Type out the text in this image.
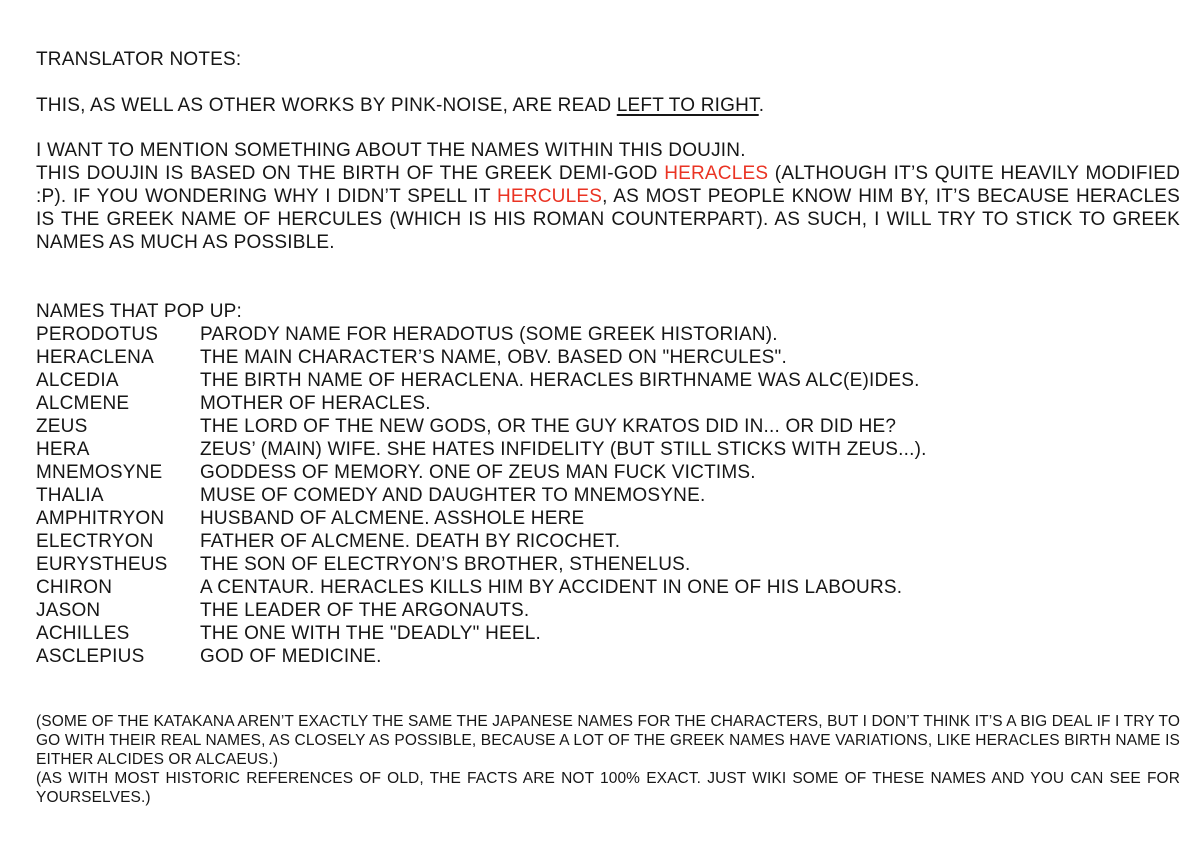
TRANSLATOR NOTES:
THIS, AS WELL AS OTHER WORKS BY PINK-NOISE, ARE READ LEFT TO RIGHT.

I WANT TO MENTION SOMETHING ABOUT THE NAMES WITHIN THIS DOUJIN.

THIS DOUJIN IS BASED ON THE BIRTH OF THE GREEK DEMI-GOD HERACLES (ALTHOUGH IT’S QUITE HEAVILY MODIFIED :P). IF YOU WONDERING WHY I DIDN’T SPELL IT HERCULES, AS MOST PEOPLE KNOW HIM BY, IT’S BECAUSE HERACLES IS THE GREEK NAME OF HERCULES (WHICH IS HIS ROMAN COUNTERPART). AS SUCH, I WILL TRY TO STICK TO GREEK NAMES AS MUCH AS POSSIBLE.

NAMES THAT POP UP:

PERODOTUS	PARODY NAME FOR HERADOTUS (SOME GREEK HISTORIAN).
HERACLENA	THE MAIN CHARACTER’S NAME, OBV. BASED ON "HERCULES".
ALCEDIA	THE BIRTH NAME OF HERACLENA. HERACLES BIRTHNAME WAS ALC(E)IDES.
ALCMENE	MOTHER OF HERACLES.
ZEUS	THE LORD OF THE NEW GODS, OR THE GUY KRATOS DID IN... OR DID HE?
HERA	ZEUS’ (MAIN) WIFE. SHE HATES INFIDELITY (BUT STILL STICKS WITH ZEUS...).
MNEMOSYNE	GODDESS OF MEMORY. ONE OF ZEUS MAN FUCK VICTIMS.
THALIA	MUSE OF COMEDY AND DAUGHTER TO MNEMOSYNE.
AMPHITRYON	HUSBAND OF ALCMENE. ASSHOLE HERE
ELECTRYON	FATHER OF ALCMENE. DEATH BY RICOCHET.
EURYSTHEUS	THE SON OF ELECTRYON’S BROTHER, STHENELUS.
CHIRON	A CENTAUR. HERACLES KILLS HIM BY ACCIDENT IN ONE OF HIS LABOURS.
JASON	THE LEADER OF THE ARGONAUTS.
ACHILLES	THE ONE WITH THE "DEADLY" HEEL.
ASCLEPIUS	GOD OF MEDICINE.

(SOME OF THE KATAKANA AREN’T EXACTLY THE SAME THE JAPANESE NAMES FOR THE CHARACTERS, BUT I DON’T THINK IT’S A BIG DEAL IF I TRY TO GO WITH THEIR REAL NAMES, AS CLOSELY AS POSSIBLE, BECAUSE A LOT OF THE GREEK NAMES HAVE VARIATIONS, LIKE HERACLES BIRTH NAME IS EITHER ALCIDES OR ALCAEUS.)

(AS WITH MOST HISTORIC REFERENCES OF OLD, THE FACTS ARE NOT 100% EXACT. JUST WIKI SOME OF THESE NAMES AND YOU CAN SEE FOR YOURSELVES.)
